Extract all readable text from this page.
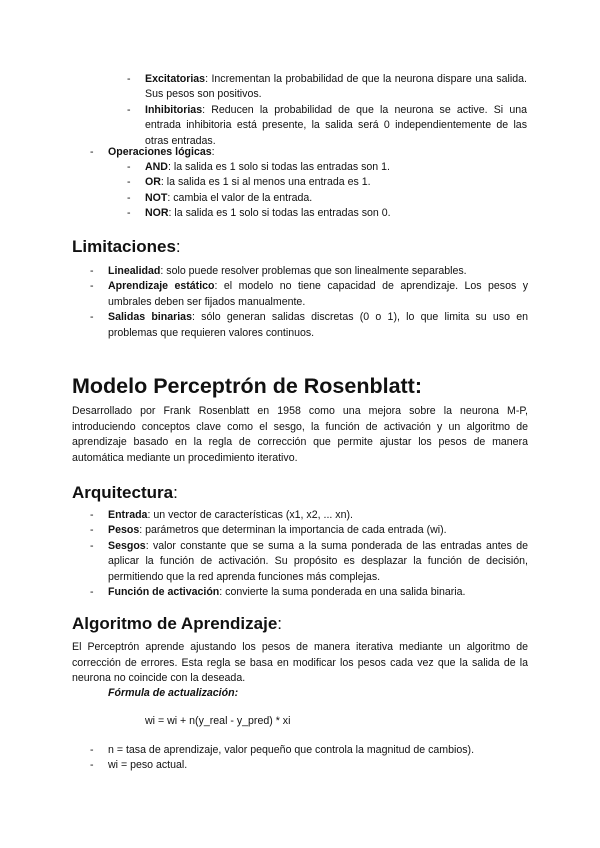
- Excitatorias: Incrementan la probabilidad de que la neurona dispare una salida. Sus pesos son positivos.
- Inhibitorias: Reducen la probabilidad de que la neurona se active. Si una entrada inhibitoria está presente, la salida será 0 independientemente de las otras entradas.
- Operaciones lógicas:
- AND: la salida es 1 solo si todas las entradas son 1.
- OR: la salida es 1 si al menos una entrada es 1.
- NOT: cambia el valor de la entrada.
- NOR: la salida es 1 solo si todas las entradas son 0.
Limitaciones:
- Linealidad: solo puede resolver problemas que son linealmente separables.
- Aprendizaje estático: el modelo no tiene capacidad de aprendizaje. Los pesos y umbrales deben ser fijados manualmente.
- Salidas binarias: sólo generan salidas discretas (0 o 1), lo que limita su uso en problemas que requieren valores continuos.
Modelo Perceptrón de Rosenblatt:

Desarrollado por Frank Rosenblatt en 1958 como una mejora sobre la neurona M-P, introduciendo conceptos clave como el sesgo, la función de activación y un algoritmo de aprendizaje basado en la regla de corrección que permite ajustar los pesos de manera automática mediante un procedimiento iterativo.

Arquitectura:
- Entrada: un vector de características (x1, x2, ... xn).
- Pesos: parámetros que determinan la importancia de cada entrada (wi).
- Sesgos: valor constante que se suma a la suma ponderada de las entradas antes de aplicar la función de activación. Su propósito es desplazar la función de decisión, permitiendo que la red aprenda funciones más complejas.
- Función de activación: convierte la suma ponderada en una salida binaria.
Algoritmo de Aprendizaje:

El Perceptrón aprende ajustando los pesos de manera iterativa mediante un algoritmo de corrección de errores. Esta regla se basa en modificar los pesos cada vez que la salida de la neurona no coincide con la deseada.

Fórmula de actualización:
wi = wi + n(y_real - y_pred) * xi
- n = tasa de aprendizaje, valor pequeño que controla la magnitud de cambios).
- wi = peso actual.
